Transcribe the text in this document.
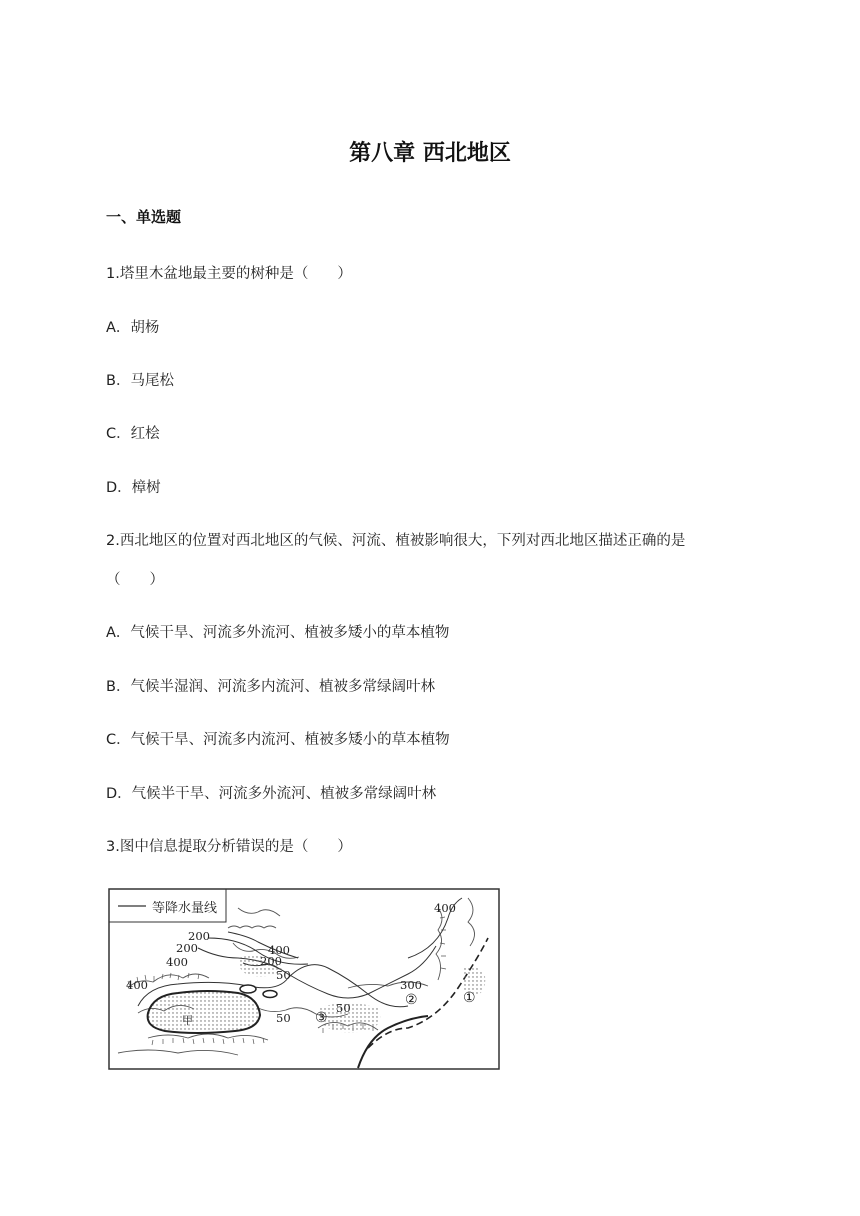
第八章 西北地区
一、单选题
1.塔里木盆地最主要的树种是（　　）
A．胡杨
B．马尾松
C．红桧
D．樟树
2.西北地区的位置对西北地区的气候、河流、植被影响很大，下列对西北地区描述正确的是
（　　）
A．气候干旱、河流多外流河、植被多矮小的草本植物
B．气候半湿润、河流多内流河、植被多常绿阔叶林
C．气候干旱、河流多内流河、植被多矮小的草本植物
D．气候半干旱、河流多外流河、植被多常绿阔叶林
3.图中信息提取分析错误的是（　　）
等降水量线	400
200
200	400
200
400
50
300
400
50
50
甲
①
②
③
